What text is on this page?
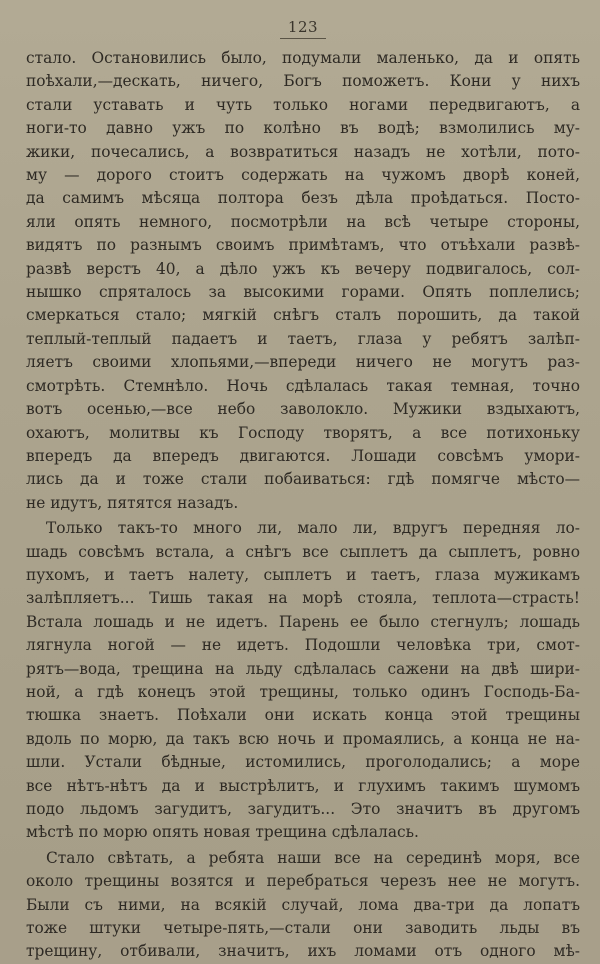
123
стало. Остановились было, подумали маленько, да и опять
поѣхали,—дескать, ничего, Богъ поможетъ. Кони у нихъ
стали уставать и чуть только ногами передвигаютъ, а
ноги-то давно ужъ по колѣно въ водѣ; взмолились му-
жики, почесались, а возвратиться назадъ не хотѣли, пото-
му — дорого стоитъ содержать на чужомъ дворѣ коней,
да самимъ мѣсяца полтора безъ дѣла проѣдаться. Посто-
яли опять немного, посмотрѣли на всѣ четыре стороны,
видятъ по разнымъ своимъ примѣтамъ, что отъѣхали развѣ-
развѣ верстъ 40, а дѣло ужъ къ вечеру подвигалось, сол-
нышко спряталось за высокими горами. Опять поплелись;
смеркаться стало; мягкій снѣгъ сталъ порошить, да такой
теплый-теплый падаетъ и таетъ, глаза у ребятъ залѣп-
ляетъ своими хлопьями,—впереди ничего не могутъ раз-
смотрѣть. Стемнѣло. Ночь сдѣлалась такая темная, точно
вотъ осенью,—все небо заволокло. Мужики вздыхаютъ,
охаютъ, молитвы къ Господу творятъ, а все потихоньку
впередъ да впередъ двигаются. Лошади совсѣмъ умори-
лись да и тоже стали побаиваться: гдѣ помягче мѣсто—
не идутъ, пятятся назадъ.
Только такъ-то много ли, мало ли, вдругъ передняя ло-
шадь совсѣмъ встала, а снѣгъ все сыплетъ да сыплетъ, ровно
пухомъ, и таетъ налету, сыплетъ и таетъ, глаза мужикамъ
залѣпляетъ... Тишь такая на морѣ стояла, теплота—страсть!
Встала лошадь и не идетъ. Парень ее было стегнулъ; лошадь
лягнула ногой — не идетъ. Подошли человѣка три, смот-
рятъ—вода, трещина на льду сдѣлалась сажени на двѣ шири-
ной, а гдѣ конецъ этой трещины, только одинъ Господь-Ба-
тюшка знаетъ. Поѣхали они искать конца этой трещины
вдоль по морю, да такъ всю ночь и промаялись, а конца не на-
шли. Устали бѣдные, истомились, проголодались; а море
все нѣтъ-нѣтъ да и выстрѣлитъ, и глухимъ такимъ шумомъ
подо льдомъ загудитъ, загудитъ... Это значитъ въ другомъ
мѣстѣ по морю опять новая трещина сдѣлалась.
Стало свѣтать, а ребята наши все на серединѣ моря, все
около трещины возятся и перебраться черезъ нее не могутъ.
Были съ ними, на всякій случай, лома два-три да лопатъ
тоже штуки четыре-пять,—стали они заводить льды въ
трещину, отбивали, значитъ, ихъ ломами отъ одного мѣ-
